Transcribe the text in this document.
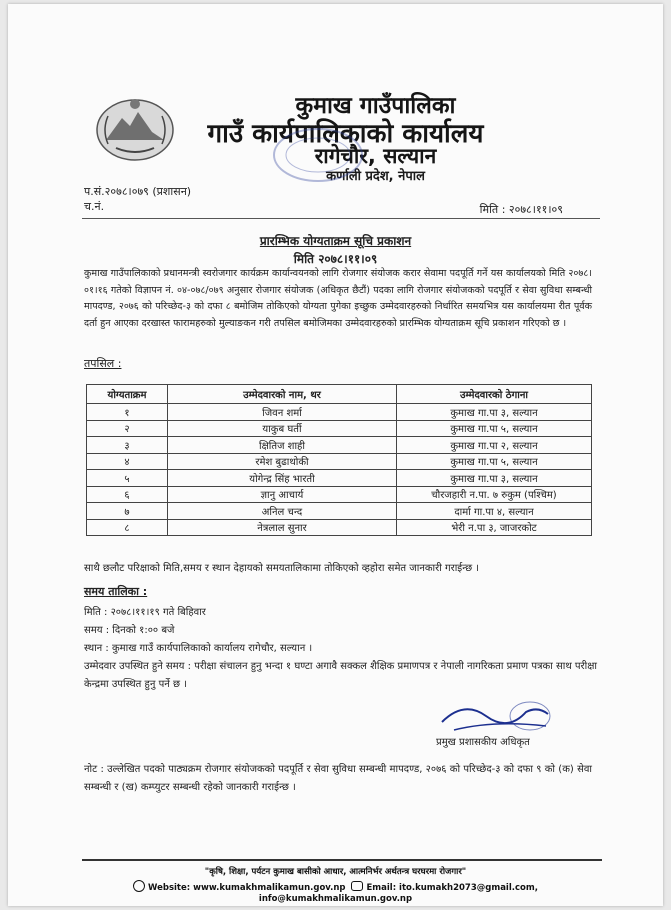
कुमाख गाउँपालिका
गाउँ कार्यपालिकाको कार्यालय
रागेचौर, सल्यान
कर्णाली प्रदेश, नेपाल
प.सं.२०७८।०७९ (प्रशासन)
च.नं.	मिति : २०७८।११।०९
प्रारम्भिक योग्यताक्रम सूचि प्रकाशन
मिति २०७८।११।०९
कुमाख गाउँपालिकाको प्रधानमन्त्री स्वरोजगार कार्यक्रम कार्यान्वयनको लागि रोजगार संयोजक करार सेवामा पदपूर्ति गर्ने यस कार्यालयको मिति २०७८।०१।१६ गतेको विज्ञापन नं. ०४-०७८/०७९ अनुसार रोजगार संयोजक (अधिकृत छैटौं) पदका लागि रोजगार संयोजकको पदपूर्ति र सेवा सुविधा सम्बन्धी मापदण्ड, २०७६ को परिच्छेद-३ को दफा ८ बमोजिम तोकिएको योग्यता पुगेका इच्छुक उम्मेदवारहरुको निर्धारित समयभित्र यस कार्यालयमा रीत पूर्वक दर्ता हुन आएका दरखास्त फारामहरुको मुल्याङकन गरी तपसिल बमोजिमका उम्मेदवारहरुको प्रारम्भिक योग्यताक्रम सूचि प्रकाशन गरिएको छ ।
तपसिल :
योग्यताक्रम	उम्मेदवारको नाम, थर	उम्मेदवारको ठेगाना
१	जिवन शर्मा	कुमाख गा.पा ३, सल्यान
२	याकुब घर्ती	कुमाख गा.पा ५, सल्यान
३	क्षितिज शाही	कुमाख गा.पा २, सल्यान
४	रमेश बुढाथोकी	कुमाख गा.पा ५, सल्यान
५	योगेन्द्र सिंह भारती	कुमाख गा.पा ३, सल्यान
६	ज्ञानु आचार्य	चौरजहारी न.पा. ७ रुकुम (पश्चिम)
७	अनिल चन्द	दार्मा गा.पा ४, सल्यान
८	नेत्रलाल सुनार	भेरी न.पा ३, जाजरकोट
साथै छलौट परिक्षाको मिति,समय र स्थान देहायको समयतालिकामा तोकिएको व्हहोरा समेत जानकारी गराईन्छ ।
समय तालिका :
मिति : २०७८।११।१९ गते बिहिवार
समय : दिनको १:०० बजे
स्थान : कुमाख गाउँ कार्यपालिकाको कार्यालय रागेचौर, सल्यान ।
उम्मेदवार उपस्थित हुने समय : परीक्षा संचालन हुनु भन्दा १ घण्टा अगावै सक्कल शैक्षिक प्रमाणपत्र र नेपाली नागरिकता प्रमाण पत्रका साथ परीक्षा केन्द्रमा उपस्थित हुनु पर्ने छ ।
प्रमुख प्रशासकीय अधिकृत
नोट : उल्लेखित पदको पाठ्यक्रम रोजगार संयोजकको पदपूर्ति र सेवा सुविधा सम्बन्धी मापदण्ड, २०७६ को परिच्छेद-३ को दफा ९ को (क) सेवा सम्बन्धी र (ख) कम्प्युटर सम्बन्धी रहेको जानकारी गराईन्छ ।
"कृषि, शिक्षा, पर्यटन कुमाख बासीको आधार, आत्मनिर्भर अर्थतन्त्र घरघरमा रोजगार"
Website: www.kumakhmalikamun.gov.np Email: ito.kumakh2073@gmail.com,
info@kumakhmalikamun.gov.np
